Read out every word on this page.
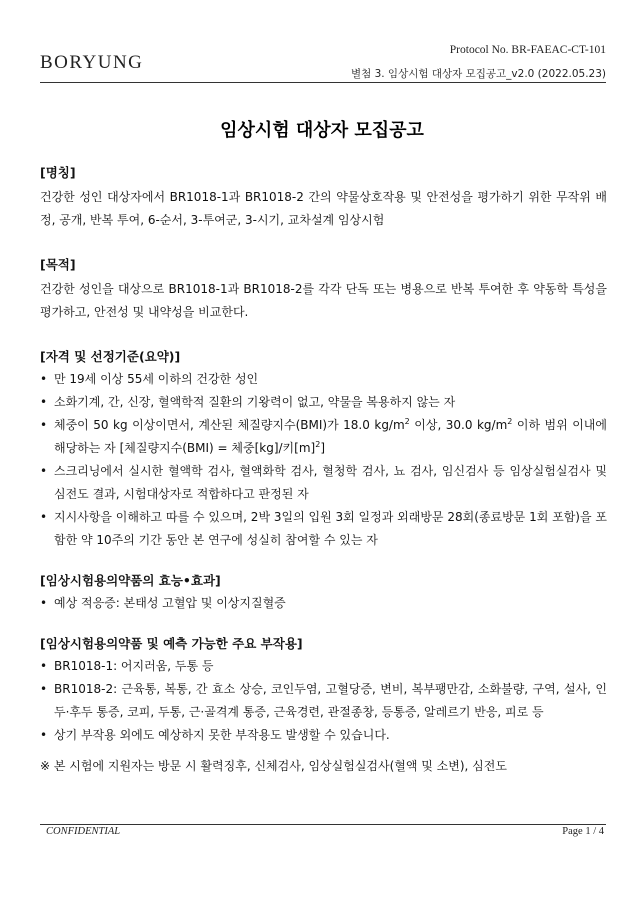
BORYUNG
Protocol No. BR-FAEAC-CT-101
별첨 3. 임상시험 대상자 모집공고_v2.0 (2022.05.23)
임상시험 대상자 모집공고

[명칭]

건강한 성인 대상자에서 BR1018-1과 BR1018-2 간의 약물상호작용 및 안전성을 평가하기 위한 무작위 배정, 공개, 반복 투여, 6-순서, 3-투여군, 3-시기, 교차설계 임상시험

[목적]

건강한 성인을 대상으로 BR1018-1과 BR1018-2를 각각 단독 또는 병용으로 반복 투여한 후 약동학 특성을 평가하고, 안전성 및 내약성을 비교한다.

[자격 및 선정기준(요약)]

• 만 19세 이상 55세 이하의 건강한 성인
• 소화기계, 간, 신장, 혈액학적 질환의 기왕력이 없고, 약물을 복용하지 않는 자
• 체중이 50 kg 이상이면서, 계산된 체질량지수(BMI)가 18.0 $kg/m^2$ 이상, 30.0 $kg/m^2$ 이하 범위 이내에 해당하는 자 [체질량지수(BMI) = 체중[kg]/키$[m]^2$]
• 스크리닝에서 실시한 혈액학 검사, 혈액화학 검사, 혈청학 검사, 뇨 검사, 임신검사 등 임상실험실검사 및 심전도 결과, 시험대상자로 적합하다고 판정된 자
• 지시사항을 이해하고 따를 수 있으며, 2박 3일의 입원 3회 일정과 외래방문 28회(종료방문 1회 포함)을 포함한 약 10주의 기간 동안 본 연구에 성실히 참여할 수 있는 자

[임상시험용의약품의 효능•효과]

• 예상 적응증: 본태성 고혈압 및 이상지질혈증

[임상시험용의약품 및 예측 가능한 주요 부작용]

• BR1018-1: 어지러움, 두통 등
• BR1018-2: 근육통, 복통, 간 효소 상승, 코인두염, 고혈당증, 변비, 복부팽만감, 소화불량, 구역, 설사, 인두·후두 통증, 코피, 두통, 근·골격계 통증, 근육경련, 관절종창, 등통증, 알레르기 반응, 피로 등
• 상기 부작용 외에도 예상하지 못한 부작용도 발생할 수 있습니다.

※ 본 시험에 지원자는 방문 시 활력징후, 신체검사, 임상실험실검사(혈액 및 소변), 심전도

CONFIDENTIAL	Page 1 / 4
